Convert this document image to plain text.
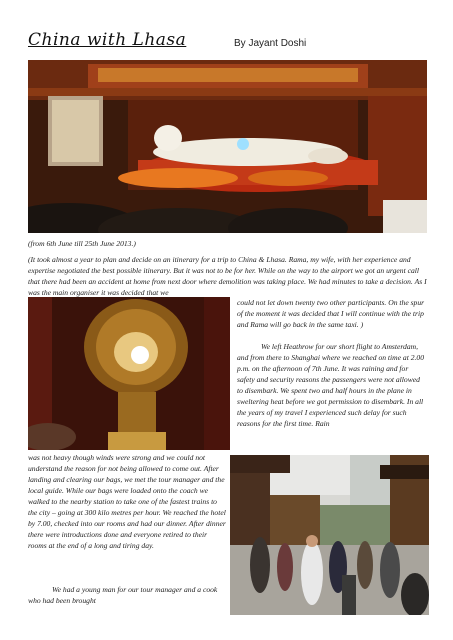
China with Lhasa	By Jayant Doshi
(from 6th June till 25th June 2013.)
(It took almost a year to plan and decide on an itinerary for a trip to China & Lhasa. Rama, my wife, with her experience and expertise negotiated the best possible itinerary. But it was not to be for her. While on the way to the airport we got an urgent call that there had been an accident at home from next door where demolition was taking place. We had minutes to take a decision. As I was the main organiser it was decided that we
could not let down twenty two other participants. On the spur of the moment it was decided that I will continue with the trip and Rama will go back in the same taxi. )
We left Heathrow for our short flight to Amsterdam, and from there to Shanghai where we reached on time at 2.00 p.m. on the afternoon of 7th June. It was raining and for safety and security reasons the passengers were not allowed to disembark. We spent two and half hours in the plane in sweltering heat before we got permission to disembark. In all the years of my travel I experienced such delay for such reasons for the first time. Rain
was not heavy though winds were strong and we could not understand the reason for not being allowed to come out. After landing and clearing our bags, we met the tour manager and the local guide. While our bags were loaded onto the coach we walked to the nearby station to take one of the fastest trains to the city – going at 300 kilo metres per hour. We reached the hotel by 7.00, checked into our rooms and had our dinner. After dinner there were introductions done and everyone retired to their rooms at the end of a long and tiring day.
We had a young man for our tour manager and a cook who had been brought
